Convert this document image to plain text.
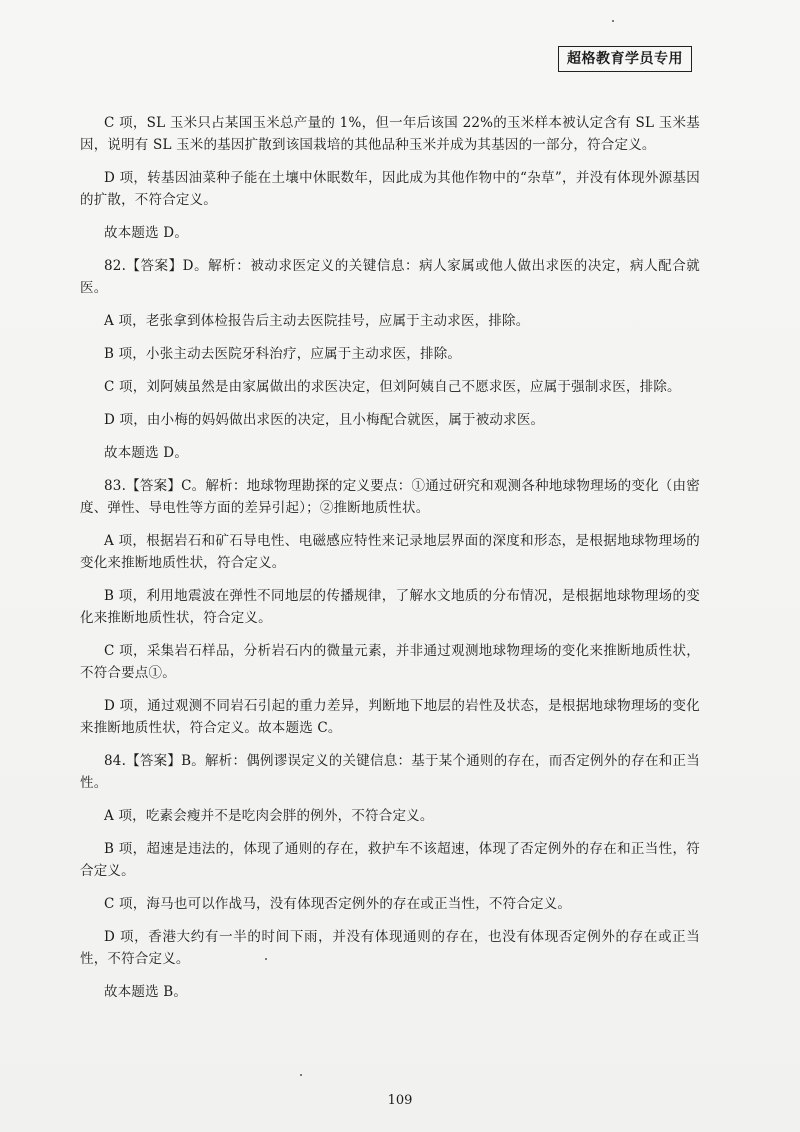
超格教育学员专用

C 项，SL 玉米只占某国玉米总产量的 1%，但一年后该国 22%的玉米样本被认定含有 SL 玉米基因，说明有 SL 玉米的基因扩散到该国栽培的其他品种玉米并成为其基因的一部分，符合定义。

D 项，转基因油菜种子能在土壤中休眠数年，因此成为其他作物中的“杂草”，并没有体现外源基因的扩散，不符合定义。

故本题选 D。

82.【答案】D。解析：被动求医定义的关键信息：病人家属或他人做出求医的决定，病人配合就医。

A 项，老张拿到体检报告后主动去医院挂号，应属于主动求医，排除。

B 项，小张主动去医院牙科治疗，应属于主动求医，排除。

C 项，刘阿姨虽然是由家属做出的求医决定，但刘阿姨自己不愿求医，应属于强制求医，排除。

D 项，由小梅的妈妈做出求医的决定，且小梅配合就医，属于被动求医。

故本题选 D。

83.【答案】C。解析：地球物理勘探的定义要点：①通过研究和观测各种地球物理场的变化（由密度、弹性、导电性等方面的差异引起）；②推断地质性状。

A 项，根据岩石和矿石导电性、电磁感应特性来记录地层界面的深度和形态，是根据地球物理场的变化来推断地质性状，符合定义。

B 项，利用地震波在弹性不同地层的传播规律，了解水文地质的分布情况，是根据地球物理场的变化来推断地质性状，符合定义。

C 项，采集岩石样品，分析岩石内的微量元素，并非通过观测地球物理场的变化来推断地质性状，不符合要点①。

D 项，通过观测不同岩石引起的重力差异，判断地下地层的岩性及状态，是根据地球物理场的变化来推断地质性状，符合定义。故本题选 C。

84.【答案】B。解析：偶例谬误定义的关键信息：基于某个通则的存在，而否定例外的存在和正当性。

A 项，吃素会瘦并不是吃肉会胖的例外，不符合定义。

B 项，超速是违法的，体现了通则的存在，救护车不该超速，体现了否定例外的存在和正当性，符合定义。

C 项，海马也可以作战马，没有体现否定例外的存在或正当性，不符合定义。

D 项，香港大约有一半的时间下雨，并没有体现通则的存在，也没有体现否定例外的存在或正当性，不符合定义。

故本题选 B。

109
